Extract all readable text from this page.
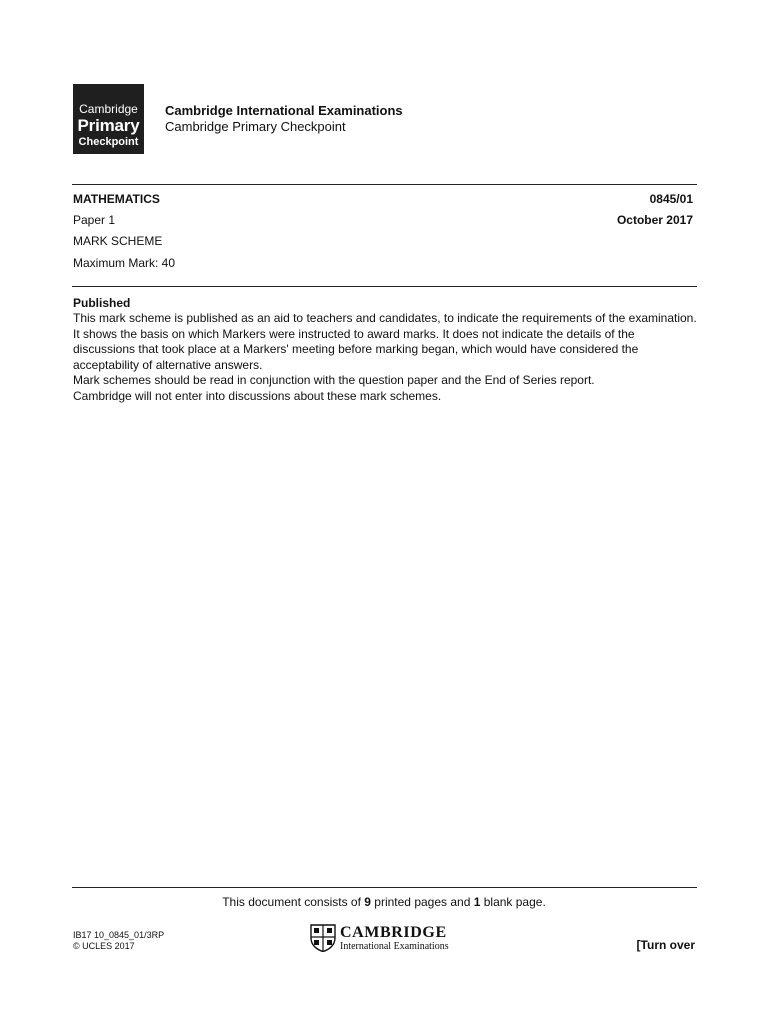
Cambridge
Primary
Checkpoint
Cambridge International Examinations
Cambridge Primary Checkpoint
MATHEMATICS	0845/01
Paper 1	October 2017
MARK SCHEME
Maximum Mark: 40
Published

This mark scheme is published as an aid to teachers and candidates, to indicate the requirements of the examination. It shows the basis on which Markers were instructed to award marks. It does not indicate the details of the discussions that took place at a Markers' meeting before marking began, which would have considered the acceptability of alternative answers.

Mark schemes should be read in conjunction with the question paper and the End of Series report.

Cambridge will not enter into discussions about these mark schemes.

This document consists of 9 printed pages and 1 blank page.
IB17 10_0845_01/3RP
© UCLES 2017
CAMBRIDGE
International Examinations	[Turn over
